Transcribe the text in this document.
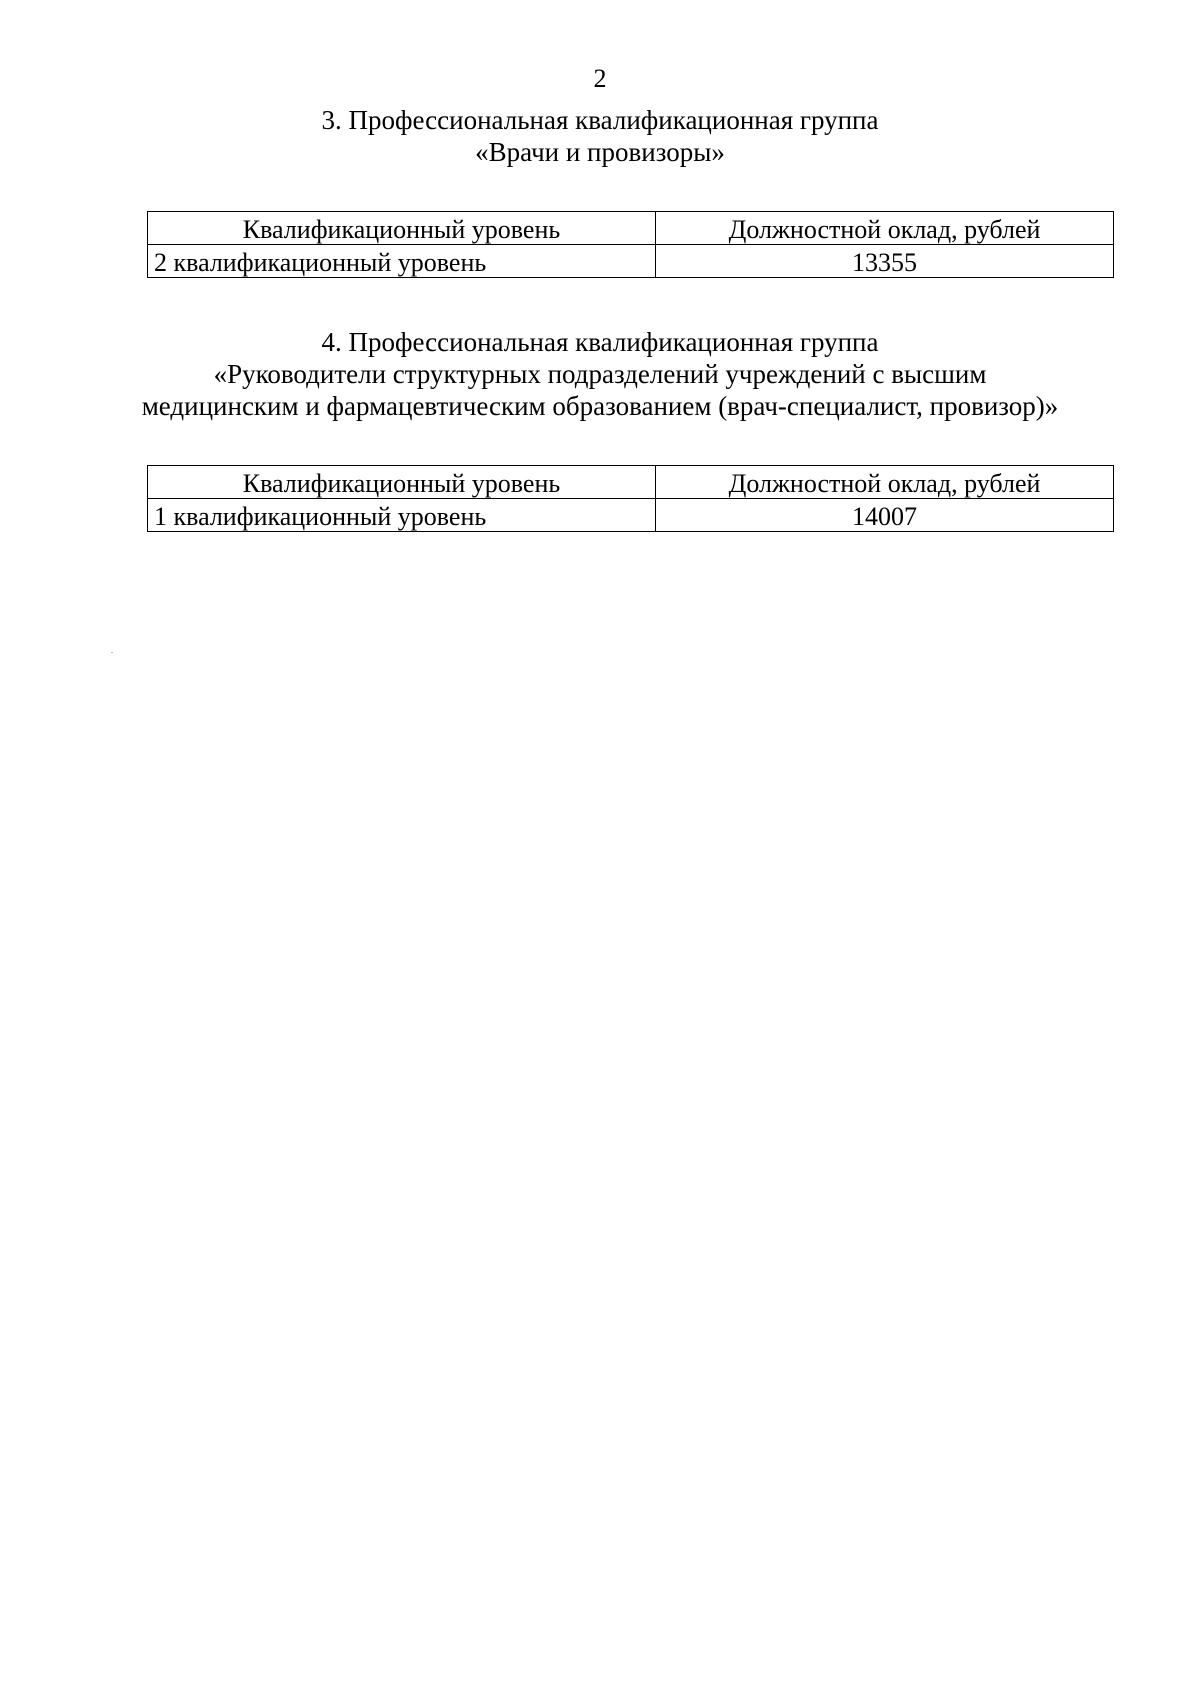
2
3. Профессиональная квалификационная группа
«Врачи и провизоры»
Квалификационный уровень	Должностной оклад, рублей
2 квалификационный уровень	13355
4. Профессиональная квалификационная группа
«Руководители структурных подразделений учреждений с высшим
медицинским и фармацевтическим образованием (врач-специалист, провизор)»
Квалификационный уровень	Должностной оклад, рублей
1 квалификационный уровень	14007
